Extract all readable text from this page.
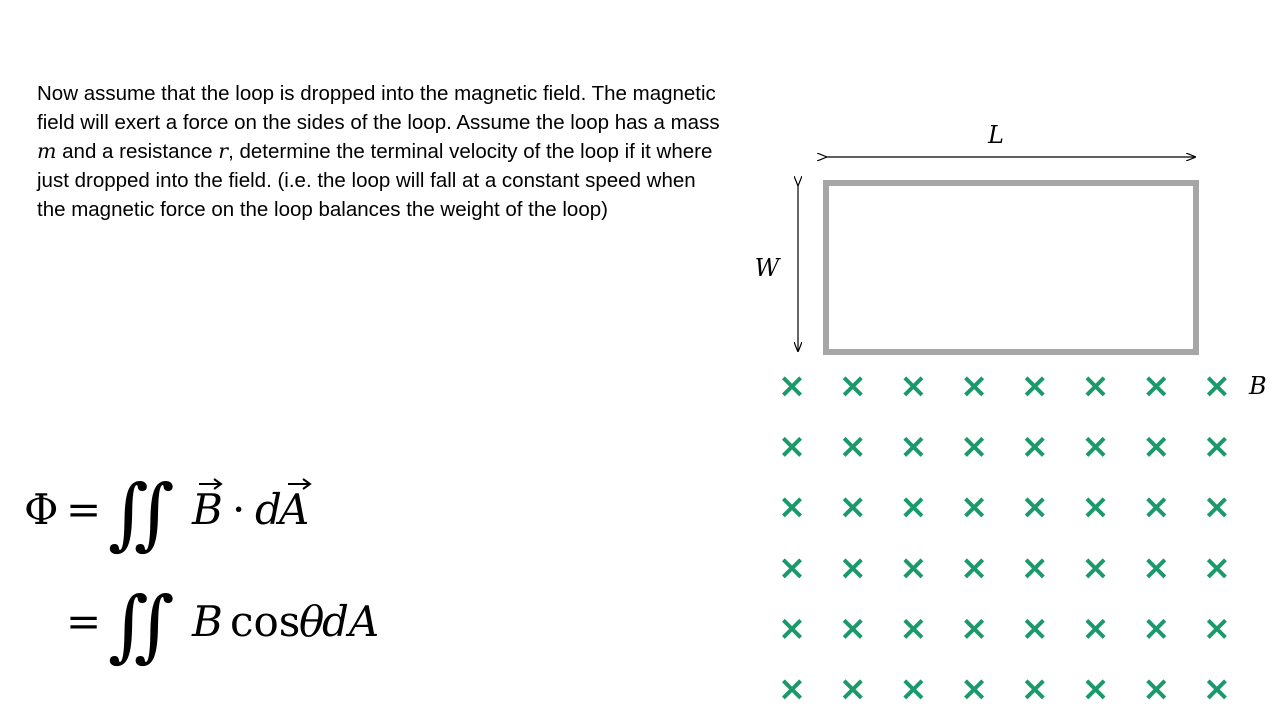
Now assume that the loop is dropped into the magnetic field. The magnetic field will exert a force on the sides of the loop. Assume the loop has a mass m and a resistance r, determine the terminal velocity of the loop if it where just dropped into the field. (i.e. the loop will fall at a constant speed when the magnetic force on the loop balances the weight of the loop)
Φ = ∬ B · d
A
= ∬ B cos
θ
dA
L
W
× × × × × × × ×
× × × × × × × ×
× × × × × × × ×
× × × × × × × ×
× × × × × × × ×
× × × × × × × ×
B
